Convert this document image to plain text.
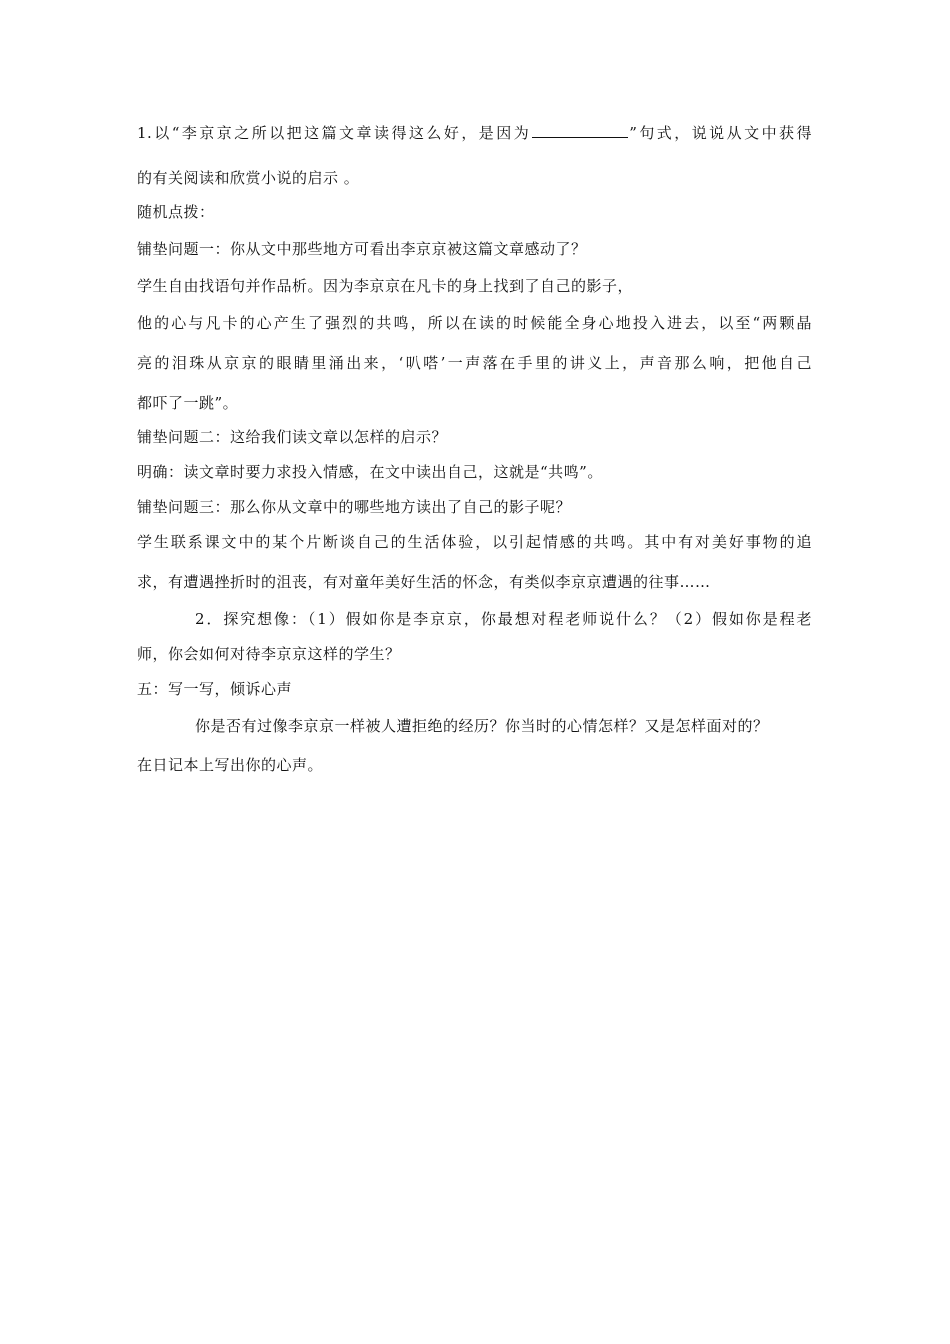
1.以“李京京之所以把这篇文章读得这么好，是因为	”句式，说说从文中获得

的有关阅读和欣赏小说的启示 。

随机点拨：

铺垫问题一：你从文中那些地方可看出李京京被这篇文章感动了？

学生自由找语句并作品析。因为李京京在凡卡的身上找到了自己的影子，

他的心与凡卡的心产生了强烈的共鸣，所以在读的时候能全身心地投入进去，以至“两颗晶

亮的泪珠从京京的眼睛里涌出来，‘叭嗒’一声落在手里的讲义上，声音那么响，把他自己

都吓了一跳”。

铺垫问题二：这给我们读文章以怎样的启示？

明确：读文章时要力求投入情感，在文中读出自己，这就是“共鸣”。

铺垫问题三：那么你从文章中的哪些地方读出了自己的影子呢？

学生联系课文中的某个片断谈自己的生活体验，以引起情感的共鸣。其中有对美好事物的追

求，有遭遇挫折时的沮丧，有对童年美好生活的怀念，有类似李京京遭遇的往事……

2．探究想像：（1）假如你是李京京，你最想对程老师说什么？（2）假如你是程老

师，你会如何对待李京京这样的学生？

五：写一写，倾诉心声

你是否有过像李京京一样被人遭拒绝的经历？你当时的心情怎样？又是怎样面对的？

在日记本上写出你的心声。
